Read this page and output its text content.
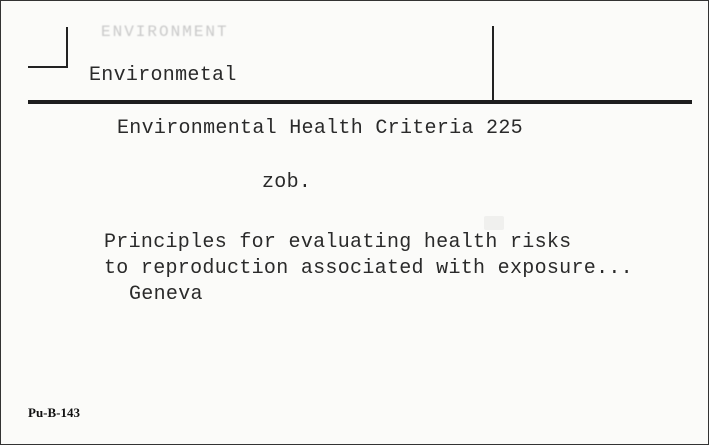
ENVIRONMENT
Environmetal
Environmental Health Criteria 225
zob.
Principles for evaluating health risks
to reproduction associated with exposure...
Geneva
Pu-B-143
